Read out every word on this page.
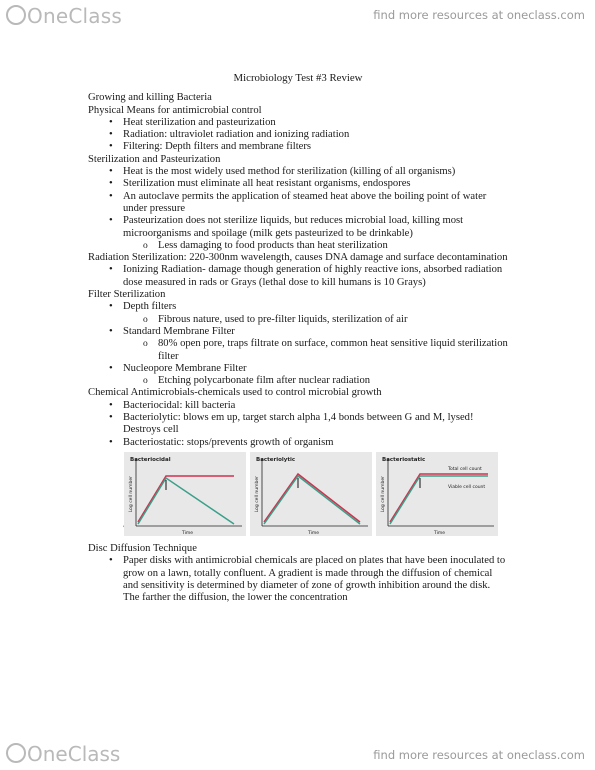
OneClass	find more resources at oneclass.com
Microbiology Test #3 Review

Growing and killing Bacteria

Physical Means for antimicrobial control

• Heat sterilization and pasteurization
• Radiation: ultraviolet radiation and ionizing radiation
• Filtering: Depth filters and membrane filters

Sterilization and Pasteurization

• Heat is the most widely used method for sterilization (killing of all organisms)
• Sterilization must eliminate all heat resistant organisms, endospores
• An autoclave permits the application of steamed heat above the boiling point of water under pressure
• Pasteurization does not sterilize liquids, but reduces microbial load, killing most microorganisms and spoilage (milk gets pasteurized to be drinkable)
o Less damaging to food products than heat sterilization

Radiation Sterilization: 220-300nm wavelength, causes DNA damage and surface decontamination

• Ionizing Radiation- damage though generation of highly reactive ions, absorbed radiation dose measured in rads or Grays (lethal dose to kill humans is 10 Grays)

Filter Sterilization

• Depth filters
o Fibrous nature, used to pre-filter liquids, sterilization of air
• Standard Membrane Filter
o 80% open pore, traps filtrate on surface, common heat sensitive liquid sterilization filter
• Nucleopore Membrane Filter
o Etching polycarbonate film after nuclear radiation

Chemical Antimicrobials-chemicals used to control microbial growth

• Bacteriocidal: kill bacteria
• Bacteriolytic: blows em up, target starch alpha 1,4 bonds between G and M, lysed! Destroys cell
• Bacteriostatic: stops/prevents growth of organism
Bacteriocidal
Log cell number
Time
Bacteriolytic
Log cell number
Time
Bacteriostatic
Total cell count
Viable cell count
Log cell number
Time

Disc Diffusion Technique

• Paper disks with antimicrobial chemicals are placed on plates that have been inoculated to grow on a lawn, totally confluent. A gradient is made through the diffusion of chemical and sensitivity is determined by diameter of zone of growth inhibition around the disk. The farther the diffusion, the lower the concentration
OneClass	find more resources at oneclass.com
